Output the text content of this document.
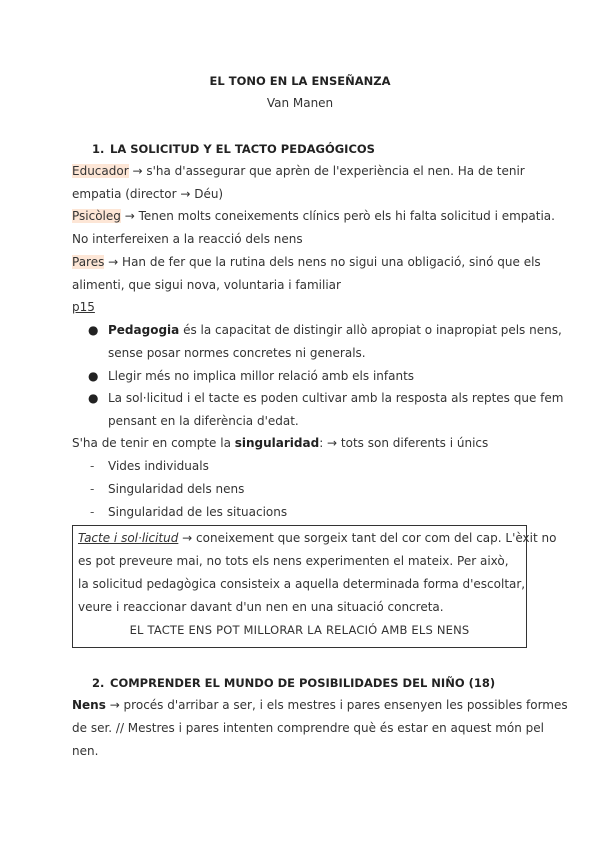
EL TONO EN LA ENSEÑANZA
Van Manen
1. LA SOLICITUD Y EL TACTO PEDAGÓGICOS
Educador → s'ha d'assegurar que aprèn de l'experiència el nen. Ha de tenir
empatia (director → Déu)
Psicòleg → Tenen molts coneixements clínics però els hi falta solicitud i empatia.
No interfereixen a la reacció dels nens
Pares → Han de fer que la rutina dels nens no sigui una obligació, sinó que els
alimenti, que sigui nova, voluntaria i familiar
p15
● Pedagogia és la capacitat de distingir allò apropiat o inapropiat pels nens,
sense posar normes concretes ni generals.
● Llegir més no implica millor relació amb els infants
● La sol·licitud i el tacte es poden cultivar amb la resposta als reptes que fem
pensant en la diferència d'edat.
S'ha de tenir en compte la singularidad: → tots son diferents i únics
- Vides individuals
- Singularidad dels nens
- Singularidad de les situacions
Tacte i sol·licitud → coneixement que sorgeix tant del cor com del cap. L'èxit no
es pot preveure mai, no tots els nens experimenten el mateix. Per això,
la solicitud pedagògica consisteix a aquella determinada forma d'escoltar,
veure i reaccionar davant d'un nen en una situació concreta.
EL TACTE ENS POT MILLORAR LA RELACIÓ AMB ELS NENS
2. COMPRENDER EL MUNDO DE POSIBILIDADES DEL NIÑO (18)
Nens → procés d'arribar a ser, i els mestres i pares ensenyen les possibles formes
de ser. // Mestres i pares intenten comprendre què és estar en aquest món pel
nen.
